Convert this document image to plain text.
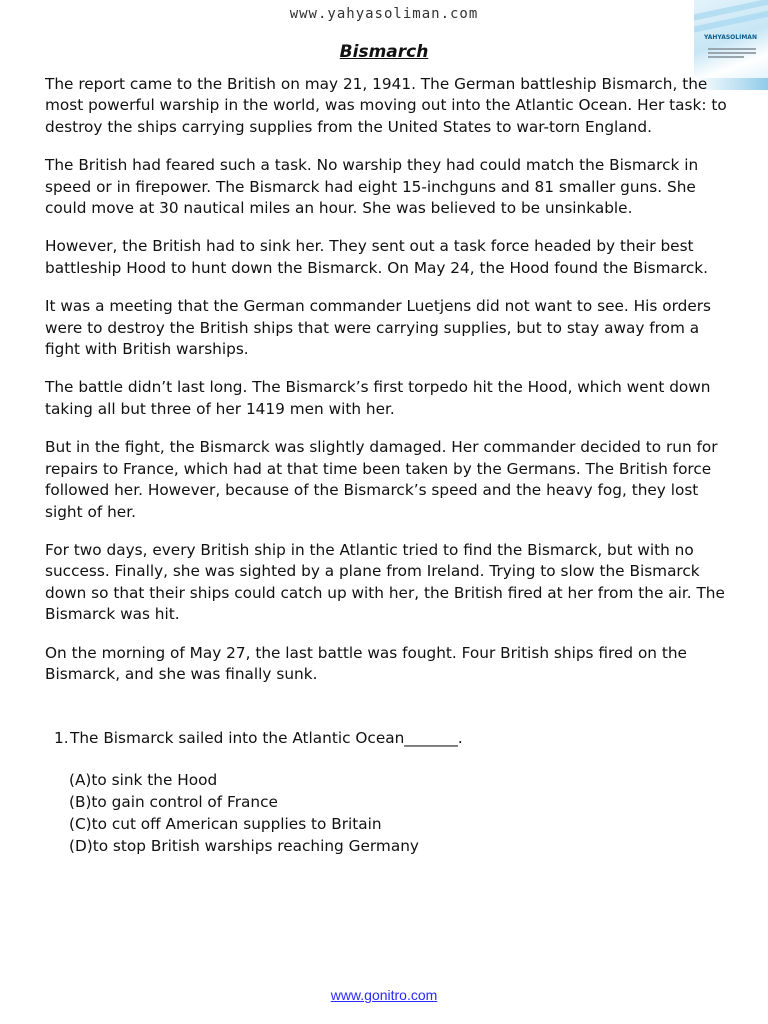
www.yahyasoliman.com
YAHYASOLIMAN
Bismarch

The report came to the British on may 21, 1941. The German battleship Bismarch, the most powerful warship in the world, was moving out into the Atlantic Ocean. Her task: to destroy the ships carrying supplies from the United States to war-torn England.

The British had feared such a task. No warship they had could match the Bismarck in speed or in firepower. The Bismarck had eight 15-inchguns and 81 smaller guns. She could move at 30 nautical miles an hour. She was believed to be unsinkable.

However, the British had to sink her. They sent out a task force headed by their best battleship Hood to hunt down the Bismarck. On May 24, the Hood found the Bismarck.

It was a meeting that the German commander Luetjens did not want to see. His orders were to destroy the British ships that were carrying supplies, but to stay away from a fight with British warships.

The battle didn’t last long. The Bismarck’s first torpedo hit the Hood, which went down taking all but three of her 1419 men with her.

But in the fight, the Bismarck was slightly damaged. Her commander decided to run for repairs to France, which had at that time been taken by the Germans. The British force followed her. However, because of the Bismarck’s speed and the heavy fog, they lost sight of her.

For two days, every British ship in the Atlantic tried to find the Bismarck, but with no success. Finally, she was sighted by a plane from Ireland. Trying to slow the Bismarck down so that their ships could catch up with her, the British fired at her from the air. The Bismarck was hit.

On the morning of May 27, the last battle was fought. Four British ships fired on the Bismarck, and she was finally sunk.

1.The Bismarck sailed into the Atlantic Ocean_______.
(A)to sink the Hood
(B)to gain control of France
(C)to cut off American supplies to Britain
(D)to stop British warships reaching Germany
www.gonitro.com
